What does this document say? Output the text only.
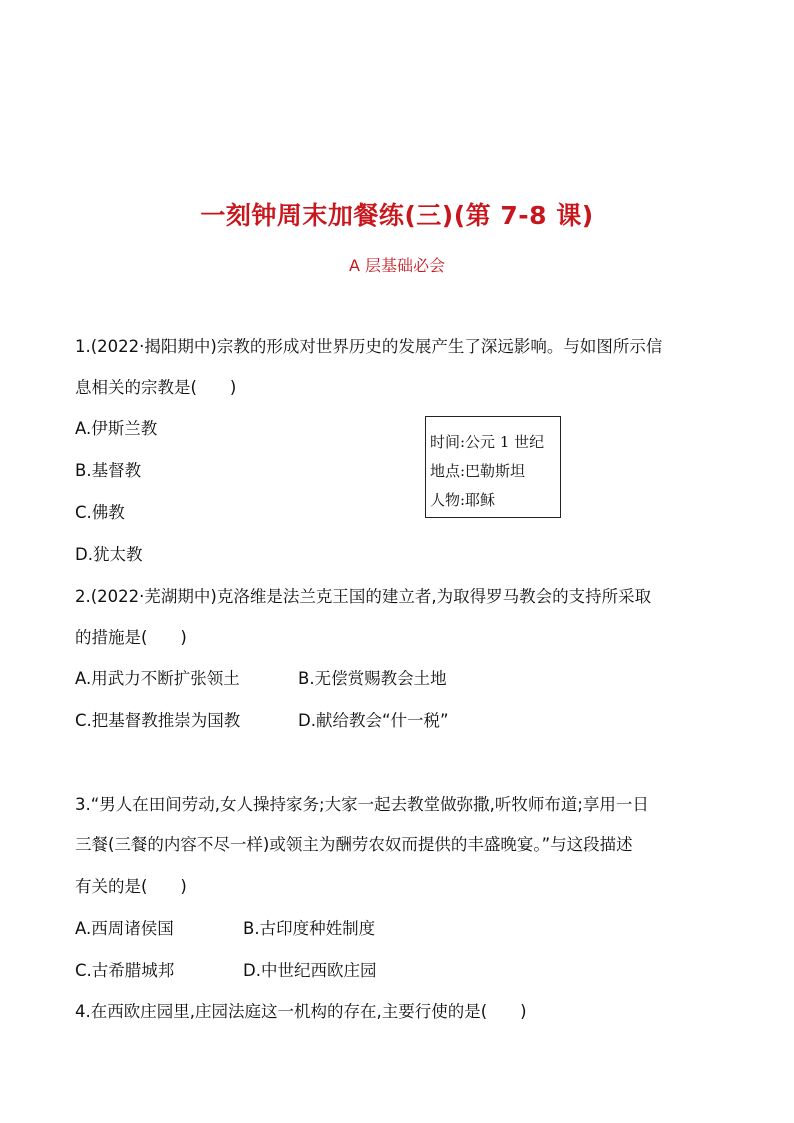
一刻钟周末加餐练(三)(第 7-8 课)
A 层基础必会
1.(2022·揭阳期中)宗教的形成对世界历史的发展产生了深远影响。与如图所示信
息相关的宗教是(　　)
A.伊斯兰教
B.基督教
C.佛教
D.犹太教
时间:公元 1 世纪
地点:巴勒斯坦
人物:耶稣
2.(2022·芜湖期中)克洛维是法兰克王国的建立者,为取得罗马教会的支持所采取
的措施是(　　)
A.用武力不断扩张领土	B.无偿赏赐教会土地
C.把基督教推崇为国教	D.献给教会“什一税”
3.“男人在田间劳动,女人操持家务;大家一起去教堂做弥撒,听牧师布道;享用一日
三餐(三餐的内容不尽一样)或领主为酬劳农奴而提供的丰盛晚宴。”与这段描述
有关的是(　　)
A.西周诸侯国	B.古印度种姓制度
C.古希腊城邦	D.中世纪西欧庄园
4.在西欧庄园里,庄园法庭这一机构的存在,主要行使的是(　　)
